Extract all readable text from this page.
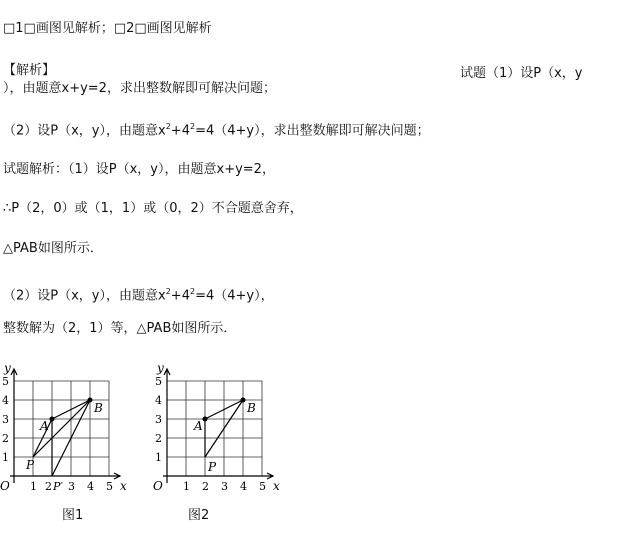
□1□画图见解析；□2□画图见解析
【解析】	试题（1）设P（x，y
），由题意x+y=2，求出整数解即可解决问题；
（2）设P（x，y），由题意$x^2+4^2=4(4+y)$，求出整数解即可解决问题；
试题解析：（1）设P（x，y），由题意x+y=2，
∴P（2，0）或（1，1）或（0，2）不合题意舍弃，
△PAB如图所示．
（2）设P（x，y），由题意$x^2+4^2=4(4+y)$，
整数解为（2，1）等，△PAB如图所示．
y
x
O
1
2
3
4
5
1 2 3 4 5
A
B
P
P′
图1
y
x
O
1
2
3
4
5
1 2 3 4 5
A
B
P
图2
